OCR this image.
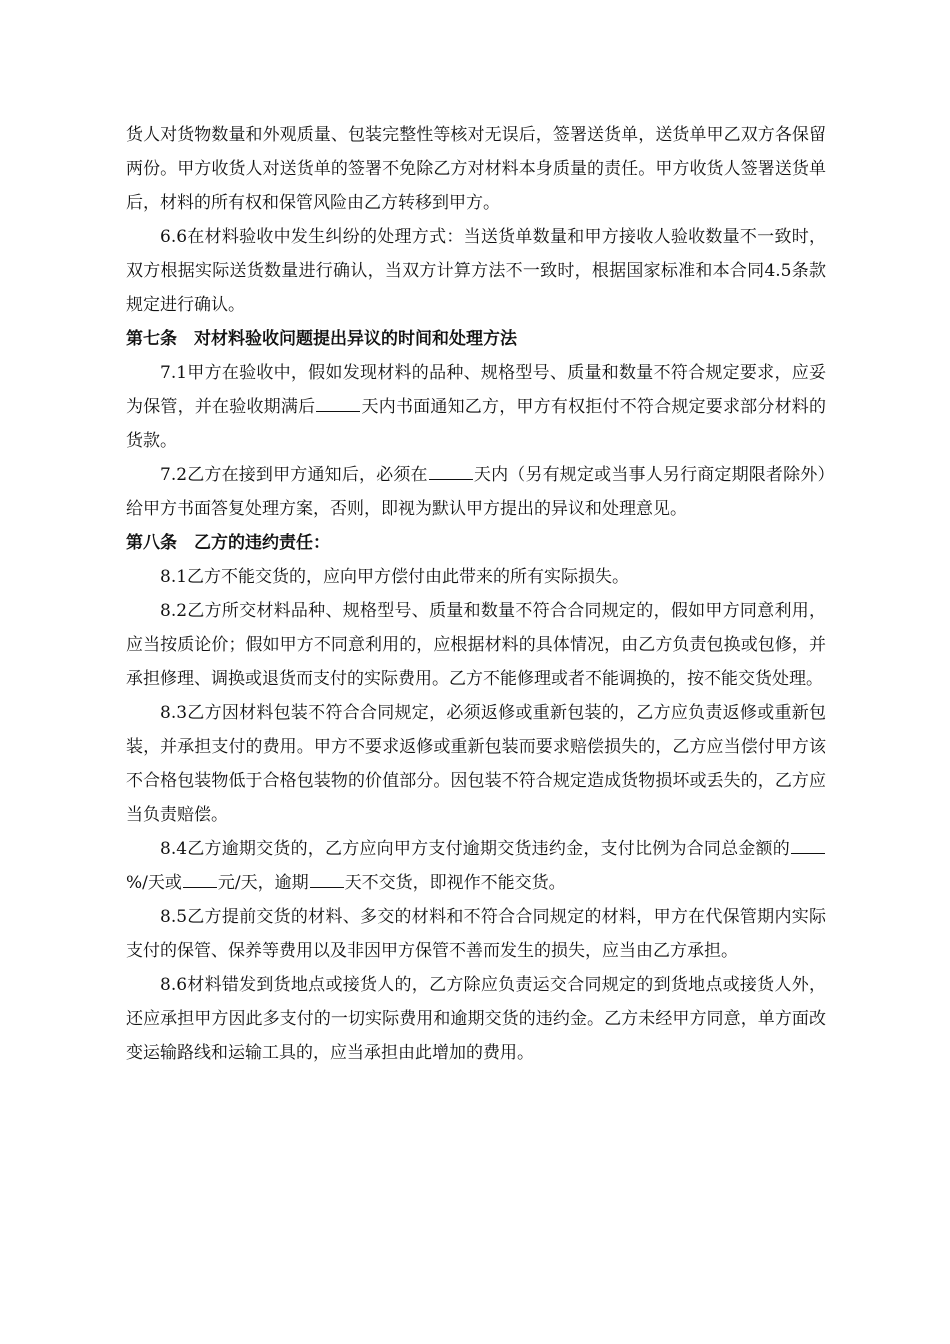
货人对货物数量和外观质量、包装完整性等核对无误后，签署送货单，送货单甲乙双方各保留两份。甲方收货人对送货单的签署不免除乙方对材料本身质量的责任。甲方收货人签署送货单后，材料的所有权和保管风险由乙方转移到甲方。

6.6在材料验收中发生纠纷的处理方式：当送货单数量和甲方接收人验收数量不一致时，双方根据实际送货数量进行确认，当双方计算方法不一致时，根据国家标准和本合同4.5条款规定进行确认。

第七条　对材料验收问题提出异议的时间和处理方法

7.1甲方在验收中，假如发现材料的品种、规格型号、质量和数量不符合规定要求，应妥为保管，并在验收期满后	天内书面通知乙方，甲方有权拒付不符合规定要求部分材料的货款。

7.2乙方在接到甲方通知后，必须在	天内（另有规定或当事人另行商定期限者除外）给甲方书面答复处理方案，否则，即视为默认甲方提出的异议和处理意见。

第八条　乙方的违约责任：

8.1乙方不能交货的，应向甲方偿付由此带来的所有实际损失。

8.2乙方所交材料品种、规格型号、质量和数量不符合合同规定的，假如甲方同意利用，应当按质论价；假如甲方不同意利用的，应根据材料的具体情况，由乙方负责包换或包修，并承担修理、调换或退货而支付的实际费用。乙方不能修理或者不能调换的，按不能交货处理。

8.3乙方因材料包装不符合合同规定，必须返修或重新包装的，乙方应负责返修或重新包装，并承担支付的费用。甲方不要求返修或重新包装而要求赔偿损失的，乙方应当偿付甲方该不合格包装物低于合格包装物的价值部分。因包装不符合规定造成货物损坏或丢失的，乙方应当负责赔偿。

8.4乙方逾期交货的，乙方应向甲方支付逾期交货违约金，支付比例为合同总金额的%/天或 元/天，逾期 天不交货，即视作不能交货。

8.5乙方提前交货的材料、多交的材料和不符合合同规定的材料，甲方在代保管期内实际支付的保管、保养等费用以及非因甲方保管不善而发生的损失，应当由乙方承担。

8.6材料错发到货地点或接货人的，乙方除应负责运交合同规定的到货地点或接货人外，还应承担甲方因此多支付的一切实际费用和逾期交货的违约金。乙方未经甲方同意，单方面改变运输路线和运输工具的，应当承担由此增加的费用。
